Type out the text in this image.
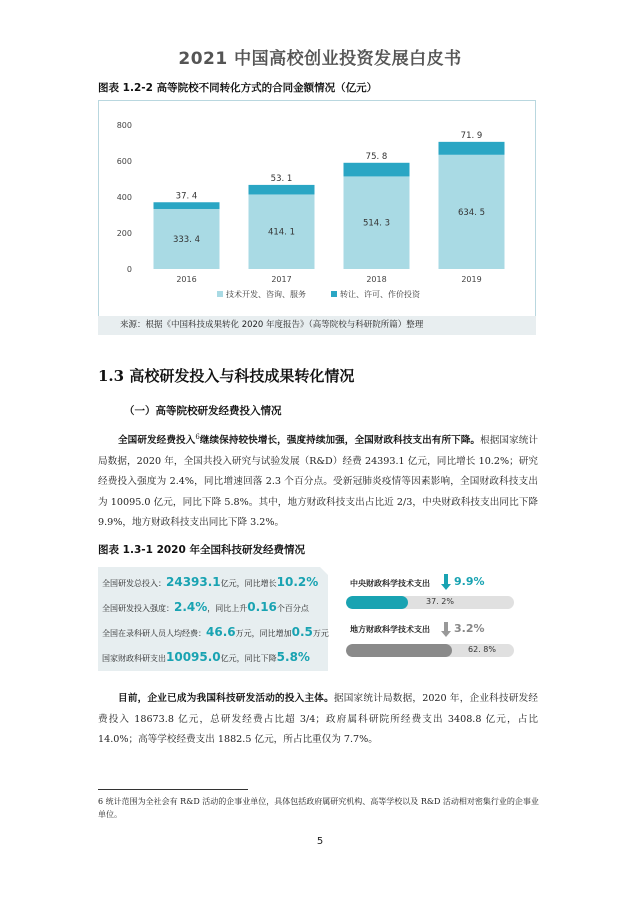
2021 中国高校创业投资发展白皮书
图表 1.2-2 高等院校不同转化方式的合同金额情况（亿元）
0
200
400
600
800
333. 4
37. 4
414. 1
53. 1
514. 3
75. 8
634. 5
71. 9
2016	2017	2018	2019
技术开发、咨询、服务	转让、许可、作价投资
来源：根据《中国科技成果转化 2020 年度报告》（高等院校与科研院所篇）整理
1.3 高校研发投入与科技成果转化情况
（一）高等院校研发经费投入情况
全国研发经费投入$^6$继续保持较快增长，强度持续加强，全国财政科技支出有所下降。根据国家统计局数据，2020 年，全国共投入研究与试验发展（R&D）经费 24393.1 亿元，同比增长 10.2%；研究经费投入强度为 2.4%，同比增速回落 2.3 个百分点。受新冠肺炎疫情等因素影响，全国财政科技支出为 10095.0 亿元，同比下降 5.8%。其中，地方财政科技支出占比近 2/3，中央财政科技支出同比下降 9.9%，地方财政科技支出同比下降 3.2%。
图表 1.3-1 2020 年全国科技研发经费情况
全国研发总投入：24393.1亿元，同比增长10.2%
全国研发投入强度：2.4%，同比上升0.16个百分点
全国在录科研人员人均经费：46.6万元，同比增加0.5万元
国家财政科研支出10095.0亿元，同比下降5.8%
中央财政科学技术支出 9.9%
37. 2%
地方财政科学技术支出 3.2%
62. 8%
目前，企业已成为我国科技研发活动的投入主体。据国家统计局数据，2020 年，企业科技研发经费投入 18673.8 亿元，总研发经费占比超 3/4；政府属科研院所经费支出 3408.8 亿元，占比 14.0%；高等学校经费支出 1882.5 亿元，所占比重仅为 7.7%。
6 统计范围为全社会有 R&D 活动的企事业单位，具体包括政府属研究机构、高等学校以及 R&D 活动相对密集行业的企事业单位。
5
